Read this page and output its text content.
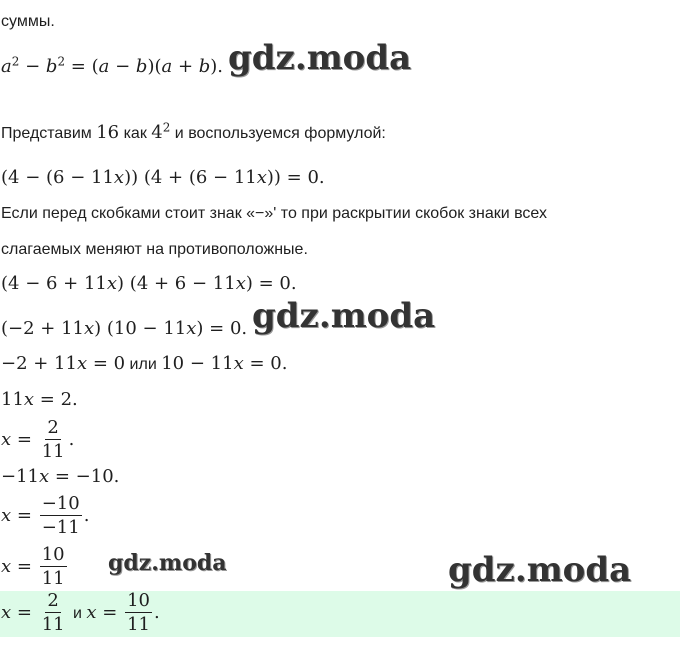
суммы.
$a^2 - b^2 = (a - b)(a + b)$.
Представим 16 как $4^2$ и воспользуемся формулой:
(4 − (6 − 11x)) (4 + (6 − 11x)) = 0.
Если перед скобками стоит знак «−»' то при раскрытии скобок знаки всех
слагаемых меняют на противоположные.
(4 − 6 + 11x) (4 + 6 − 11x) = 0.
(−2 + 11x) (10 − 11x) = 0.
−2 + 11x = 0 или 10 − 11x = 0.
11x = 2.
$x = \frac{2}{11}$ .
−11x = −10.
$x = \frac{-10}{-11}$ .
$x = \frac{10}{11}$
$x = \frac{2}{11}$ и $x = \frac{10}{11}$ .
gdz.moda
gdz.moda
gdz.moda	gdz.moda
